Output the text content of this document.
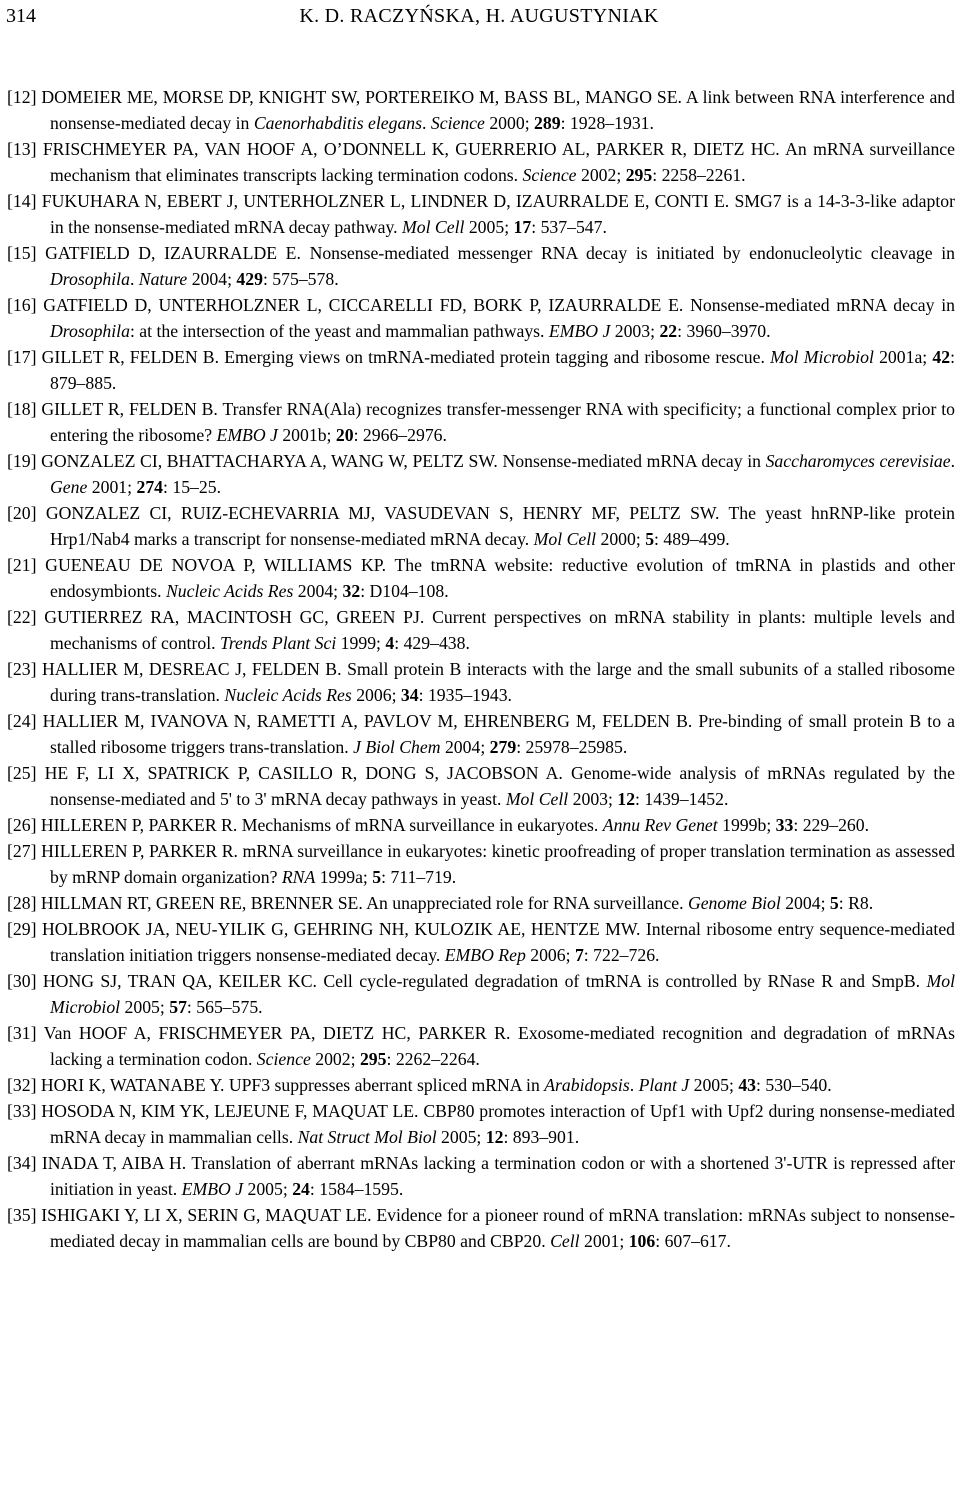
314	K. D. RACZYŃSKA, H. AUGUSTYNIAK

[12] DOMEIER ME, MORSE DP, KNIGHT SW, PORTEREIKO M, BASS BL, MANGO SE. A link between RNA interference and nonsense-mediated decay in Caenorhabditis elegans. Science 2000; 289: 1928–1931.

[13] FRISCHMEYER PA, VAN HOOF A, O’DONNELL K, GUERRERIO AL, PARKER R, DIETZ HC. An mRNA surveillance mechanism that eliminates transcripts lacking termination codons. Science 2002; 295: 2258–2261.

[14] FUKUHARA N, EBERT J, UNTERHOLZNER L, LINDNER D, IZAURRALDE E, CONTI E. SMG7 is a 14-3-3-like adaptor in the nonsense-mediated mRNA decay pathway. Mol Cell 2005; 17: 537–547.

[15] GATFIELD D, IZAURRALDE E. Nonsense-mediated messenger RNA decay is initiated by endonucleolytic cleavage in Drosophila. Nature 2004; 429: 575–578.

[16] GATFIELD D, UNTERHOLZNER L, CICCARELLI FD, BORK P, IZAURRALDE E. Nonsense-mediated mRNA decay in Drosophila: at the intersection of the yeast and mammalian pathways. EMBO J 2003; 22: 3960–3970.

[17] GILLET R, FELDEN B. Emerging views on tmRNA-mediated protein tagging and ribosome rescue. Mol Microbiol 2001a; 42: 879–885.

[18] GILLET R, FELDEN B. Transfer RNA(Ala) recognizes transfer-messenger RNA with specificity; a functional complex prior to entering the ribosome? EMBO J 2001b; 20: 2966–2976.

[19] GONZALEZ CI, BHATTACHARYA A, WANG W, PELTZ SW. Nonsense-mediated mRNA decay in Saccharomyces cerevisiae. Gene 2001; 274: 15–25.

[20] GONZALEZ CI, RUIZ-ECHEVARRIA MJ, VASUDEVAN S, HENRY MF, PELTZ SW. The yeast hnRNP-like protein Hrp1/Nab4 marks a transcript for nonsense-mediated mRNA decay. Mol Cell 2000; 5: 489–499.

[21] GUENEAU DE NOVOA P, WILLIAMS KP. The tmRNA website: reductive evolution of tmRNA in plastids and other endosymbionts. Nucleic Acids Res 2004; 32: D104–108.

[22] GUTIERREZ RA, MACINTOSH GC, GREEN PJ. Current perspectives on mRNA stability in plants: multiple levels and mechanisms of control. Trends Plant Sci 1999; 4: 429–438.

[23] HALLIER M, DESREAC J, FELDEN B. Small protein B interacts with the large and the small subunits of a stalled ribosome during trans-translation. Nucleic Acids Res 2006; 34: 1935–1943.

[24] HALLIER M, IVANOVA N, RAMETTI A, PAVLOV M, EHRENBERG M, FELDEN B. Pre-binding of small protein B to a stalled ribosome triggers trans-translation. J Biol Chem 2004; 279: 25978–25985.

[25] HE F, LI X, SPATRICK P, CASILLO R, DONG S, JACOBSON A. Genome-wide analysis of mRNAs regulated by the nonsense-mediated and 5' to 3' mRNA decay pathways in yeast. Mol Cell 2003; 12: 1439–1452.

[26] HILLEREN P, PARKER R. Mechanisms of mRNA surveillance in eukaryotes. Annu Rev Genet 1999b; 33: 229–260.

[27] HILLEREN P, PARKER R. mRNA surveillance in eukaryotes: kinetic proofreading of proper translation termination as assessed by mRNP domain organization? RNA 1999a; 5: 711–719.

[28] HILLMAN RT, GREEN RE, BRENNER SE. An unappreciated role for RNA surveillance. Genome Biol 2004; 5: R8.

[29] HOLBROOK JA, NEU-YILIK G, GEHRING NH, KULOZIK AE, HENTZE MW. Internal ribosome entry sequence-mediated translation initiation triggers nonsense-mediated decay. EMBO Rep 2006; 7: 722–726.

[30] HONG SJ, TRAN QA, KEILER KC. Cell cycle-regulated degradation of tmRNA is controlled by RNase R and SmpB. Mol Microbiol 2005; 57: 565–575.

[31] Van HOOF A, FRISCHMEYER PA, DIETZ HC, PARKER R. Exosome-mediated recognition and degradation of mRNAs lacking a termination codon. Science 2002; 295: 2262–2264.

[32] HORI K, WATANABE Y. UPF3 suppresses aberrant spliced mRNA in Arabidopsis. Plant J 2005; 43: 530–540.

[33] HOSODA N, KIM YK, LEJEUNE F, MAQUAT LE. CBP80 promotes interaction of Upf1 with Upf2 during nonsense-mediated mRNA decay in mammalian cells. Nat Struct Mol Biol 2005; 12: 893–901.

[34] INADA T, AIBA H. Translation of aberrant mRNAs lacking a termination codon or with a shortened 3'-UTR is repressed after initiation in yeast. EMBO J 2005; 24: 1584–1595.

[35] ISHIGAKI Y, LI X, SERIN G, MAQUAT LE. Evidence for a pioneer round of mRNA translation: mRNAs subject to nonsense-mediated decay in mammalian cells are bound by CBP80 and CBP20. Cell 2001; 106: 607–617.
